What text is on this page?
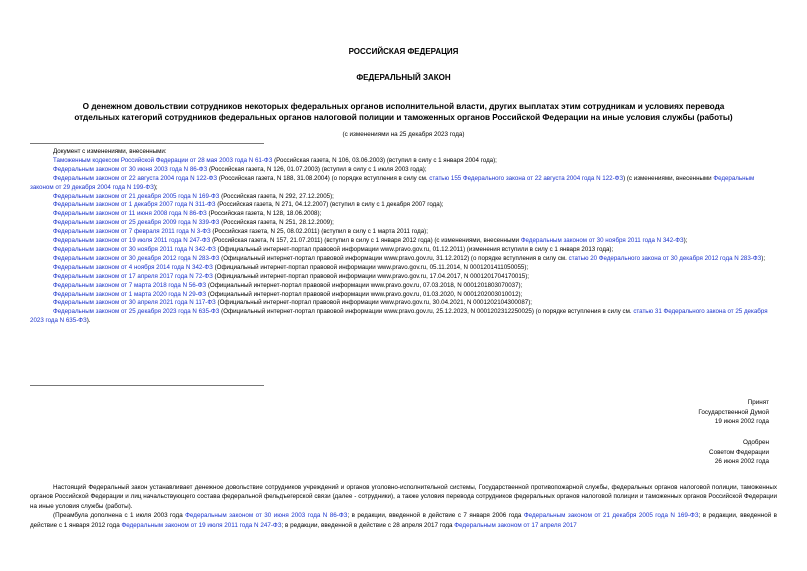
РОССИЙСКАЯ ФЕДЕРАЦИЯ
ФЕДЕРАЛЬНЫЙ ЗАКОН
О денежном довольствии сотрудников некоторых федеральных органов исполнительной власти, других выплатах этим сотрудникам и условиях перевода
отдельных категорий сотрудников федеральных органов налоговой полиции и таможенных органов Российской Федерации на иные условия службы (работы)
(с изменениями на 25 декабря 2023 года)

Документ с изменениями, внесенными:

Таможенным кодексом Российской Федерации от 28 мая 2003 года N 61-ФЗ (Российская газета, N 106, 03.06.2003) (вступил в силу с 1 января 2004 года);

Федеральным законом от 30 июня 2003 года N 86-ФЗ (Российская газета, N 126, 01.07.2003) (вступил в силу с 1 июля 2003 года);

Федеральным законом от 22 августа 2004 года N 122-ФЗ (Российская газета, N 188, 31.08.2004) (о порядке вступления в силу см. статью 155 Федерального закона от 22 августа 2004 года N 122-ФЗ) (с изменениями, внесенными Федеральным законом от 29 декабря 2004 года N 199-ФЗ);

Федеральным законом от 21 декабря 2005 года N 169-ФЗ (Российская газета, N 292, 27.12.2005);

Федеральным законом от 1 декабря 2007 года N 311-ФЗ (Российская газета, N 271, 04.12.2007) (вступил в силу с 1 декабря 2007 года);

Федеральным законом от 11 июня 2008 года N 86-ФЗ (Российская газета, N 128, 18.06.2008);

Федеральным законом от 25 декабря 2009 года N 339-ФЗ (Российская газета, N 251, 28.12.2009);

Федеральным законом от 7 февраля 2011 года N 3-ФЗ (Российская газета, N 25, 08.02.2011) (вступил в силу с 1 марта 2011 года);

Федеральным законом от 19 июля 2011 года N 247-ФЗ (Российская газета, N 157, 21.07.2011) (вступил в силу с 1 января 2012 года) (с изменениями, внесенными Федеральным законом от 30 ноября 2011 года N 342-ФЗ);

Федеральным законом от 30 ноября 2011 года N 342-ФЗ (Официальный интернет-портал правовой информации www.pravo.gov.ru, 01.12.2011) (изменения вступили в силу с 1 января 2013 года);

Федеральным законом от 30 декабря 2012 года N 283-ФЗ (Официальный интернет-портал правовой информации www.pravo.gov.ru, 31.12.2012) (о порядке вступления в силу см. статью 20 Федерального закона от 30 декабря 2012 года N 283-ФЗ);

Федеральным законом от 4 ноября 2014 года N 342-ФЗ (Официальный интернет-портал правовой информации www.pravo.gov.ru, 05.11.2014, N 0001201411050055);

Федеральным законом от 17 апреля 2017 года N 72-ФЗ (Официальный интернет-портал правовой информации www.pravo.gov.ru, 17.04.2017, N 0001201704170015);

Федеральным законом от 7 марта 2018 года N 56-ФЗ (Официальный интернет-портал правовой информации www.pravo.gov.ru, 07.03.2018, N 0001201803070037);

Федеральным законом от 1 марта 2020 года N 29-ФЗ (Официальный интернет-портал правовой информации www.pravo.gov.ru, 01.03.2020, N 0001202003010012);

Федеральным законом от 30 апреля 2021 года N 117-ФЗ (Официальный интернет-портал правовой информации www.pravo.gov.ru, 30.04.2021, N 0001202104300087);

Федеральным законом от 25 декабря 2023 года N 635-ФЗ (Официальный интернет-портал правовой информации www.pravo.gov.ru, 25.12.2023, N 0001202312250025) (о порядке вступления в силу см. статью 31 Федерального закона от 25 декабря 2023 года N 635-ФЗ).

Принят
Государственной Думой
19 июня 2002 года
Одобрен
Советом Федерации
26 июня 2002 года

Настоящий Федеральный закон устанавливает денежное довольствие сотрудников учреждений и органов уголовно-исполнительной системы, Государственной противопожарной службы, федеральных органов налоговой полиции, таможенных органов Российской Федерации и лиц начальствующего состава федеральной фельдъегерской связи (далее - сотрудники), а также условия перевода сотрудников федеральных органов налоговой полиции и таможенных органов Российской Федерации на иные условия службы (работы).

(Преамбула дополнена с 1 июля 2003 года Федеральным законом от 30 июня 2003 года N 86-ФЗ; в редакции, введенной в действие с 7 января 2006 года Федеральным законом от 21 декабря 2005 года N 169-ФЗ; в редакции, введенной в действие с 1 января 2012 года Федеральным законом от 19 июля 2011 года N 247-ФЗ; в редакции, введенной в действие с 28 апреля 2017 года Федеральным законом от 17 апреля 2017
